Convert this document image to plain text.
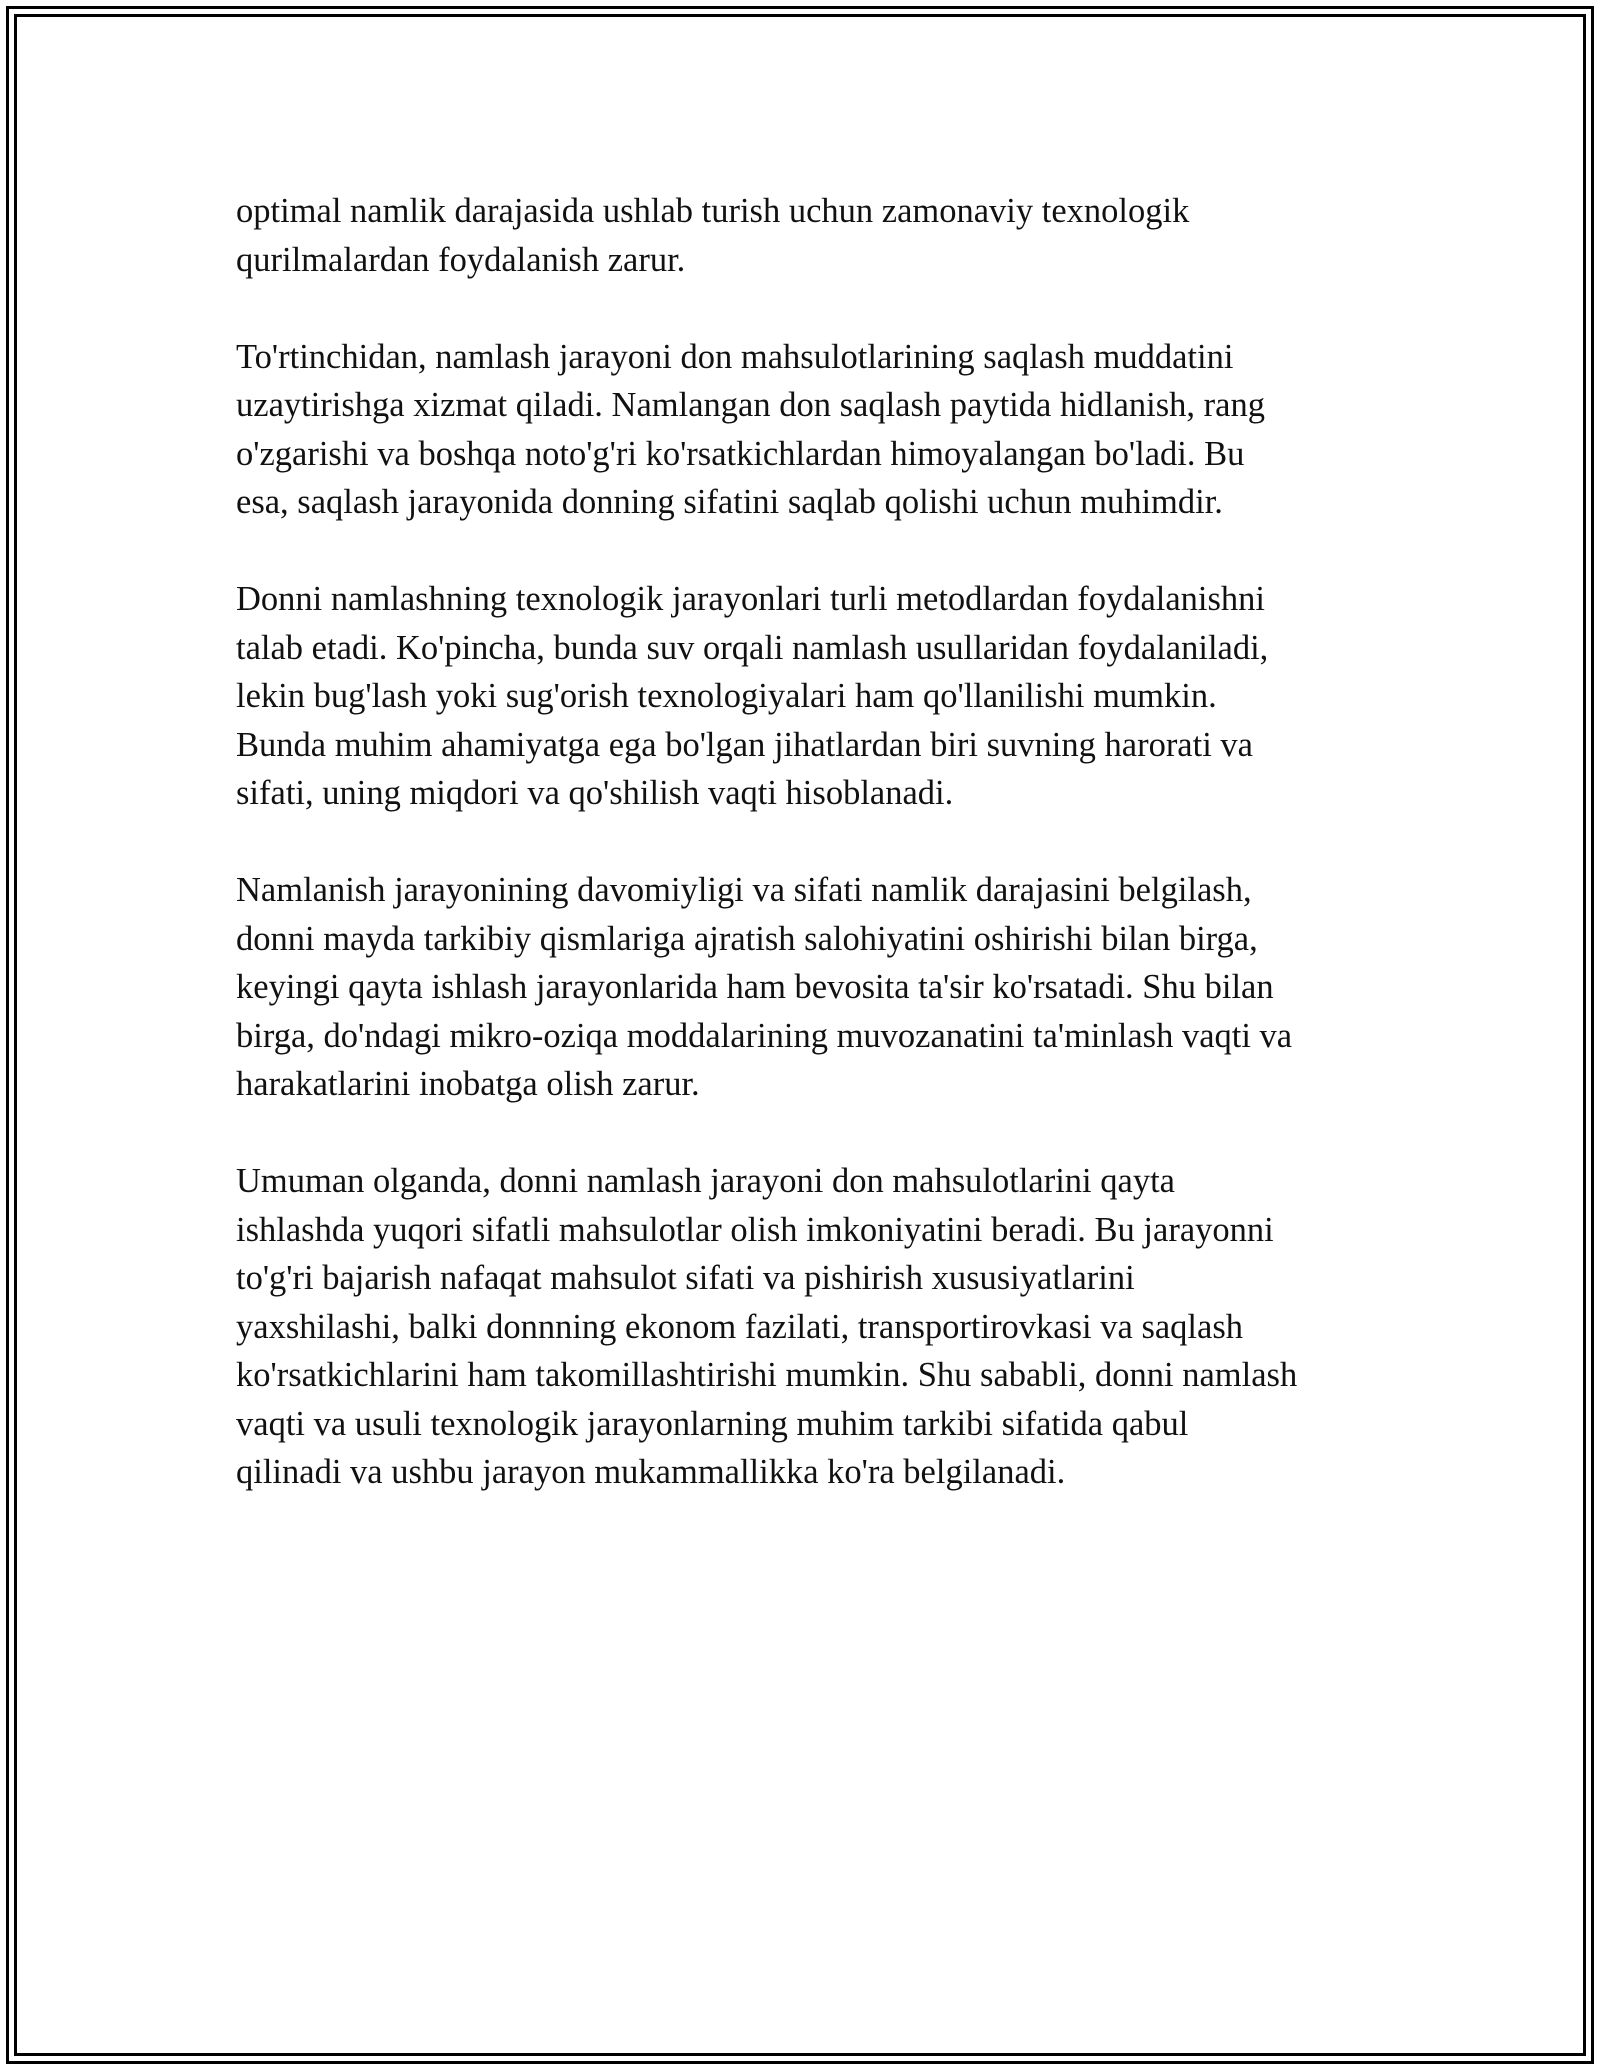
optimal namlik darajasida ushlab turish uchun zamonaviy texnologik
qurilmalardan foydalanish zarur.

To'rtinchidan, namlash jarayoni don mahsulotlarining saqlash muddatini
uzaytirishga xizmat qiladi. Namlangan don saqlash paytida hidlanish, rang
o'zgarishi va boshqa noto'g'ri ko'rsatkichlardan himoyalangan bo'ladi. Bu
esa, saqlash jarayonida donning sifatini saqlab qolishi uchun muhimdir.

Donni namlashning texnologik jarayonlari turli metodlardan foydalanishni
talab etadi. Ko'pincha, bunda suv orqali namlash usullaridan foydalaniladi,
lekin bug'lash yoki sug'orish texnologiyalari ham qo'llanilishi mumkin.
Bunda muhim ahamiyatga ega bo'lgan jihatlardan biri suvning harorati va
sifati, uning miqdori va qo'shilish vaqti hisoblanadi.

Namlanish jarayonining davomiyligi va sifati namlik darajasini belgilash,
donni mayda tarkibiy qismlariga ajratish salohiyatini oshirishi bilan birga,
keyingi qayta ishlash jarayonlarida ham bevosita ta'sir ko'rsatadi. Shu bilan
birga, do'ndagi mikro-oziqa moddalarining muvozanatini ta'minlash vaqti va
harakatlarini inobatga olish zarur.

Umuman olganda, donni namlash jarayoni don mahsulotlarini qayta
ishlashda yuqori sifatli mahsulotlar olish imkoniyatini beradi. Bu jarayonni
to'g'ri bajarish nafaqat mahsulot sifati va pishirish xususiyatlarini
yaxshilashi, balki donnning ekonom fazilati, transportirovkasi va saqlash
ko'rsatkichlarini ham takomillashtirishi mumkin. Shu sababli, donni namlash
vaqti va usuli texnologik jarayonlarning muhim tarkibi sifatida qabul
qilinadi va ushbu jarayon mukammallikka ko'ra belgilanadi.
